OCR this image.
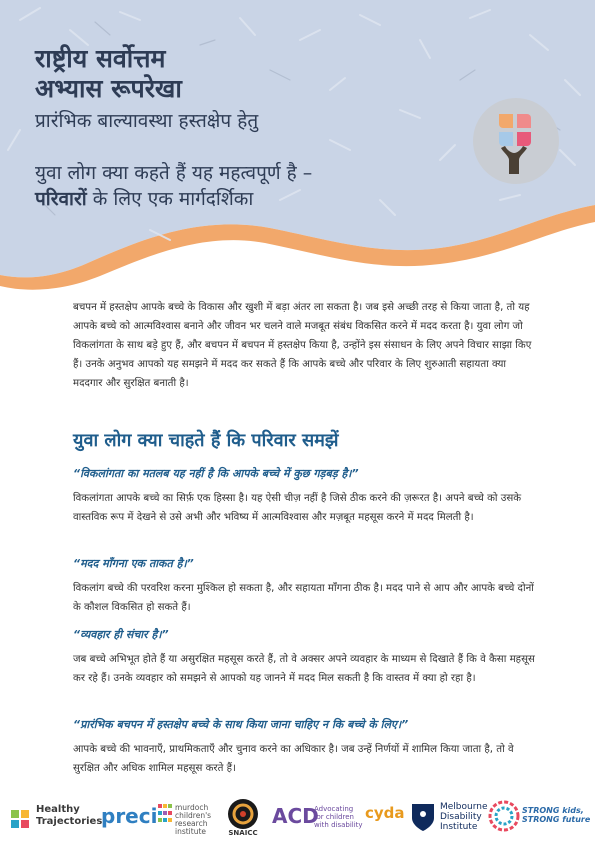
राष्ट्रीय सर्वोत्तम

अभ्यास रूपरेखा

प्रारंभिक बाल्यावस्था हस्तक्षेप हेतु

युवा लोग क्या कहते हैं यह महत्वपूर्ण है –
परिवारों के लिए एक मार्गदर्शिका
बचपन में हस्तक्षेप आपके बच्चे के विकास और खुशी में बड़ा अंतर ला सकता है। जब इसे अच्छी तरह से किया जाता है, तो यह आपके बच्चे को आत्मविश्वास बनाने और जीवन भर चलने वाले मजबूत संबंध विकसित करने में मदद करता है। युवा लोग जो विकलांगता के साथ बड़े हुए हैं, और बचपन में बचपन में हस्तक्षेप किया है, उन्होंने इस संसाधन के लिए अपने विचार साझा किए हैं। उनके अनुभव आपको यह समझने में मदद कर सकते हैं कि आपके बच्चे और परिवार के लिए शुरुआती सहायता क्या मददगार और सुरक्षित बनाती है।
युवा लोग क्या चाहते हैं कि परिवार समझें
“विकलांगता का मतलब यह नहीं है कि आपके बच्चे में कुछ गड़बड़ है।”
विकलांगता आपके बच्चे का सिर्फ़ एक हिस्सा है। यह ऐसी चीज़ नहीं है जिसे ठीक करने की ज़रूरत है। अपने बच्चे को उसके वास्तविक रूप में देखने से उसे अभी और भविष्य में आत्मविश्वास और मज़बूत महसूस करने में मदद मिलती है।
“मदद माँगना एक ताकत है।”
विकलांग बच्चे की परवरिश करना मुश्किल हो सकता है, और सहायता माँगना ठीक है। मदद पाने से आप और आपके बच्चे दोनों के कौशल विकसित हो सकते हैं।
“व्यवहार ही संचार है।”
जब बच्चे अभिभूत होते हैं या असुरक्षित महसूस करते हैं, तो वे अक्सर अपने व्यवहार के माध्यम से दिखाते हैं कि वे कैसा महसूस कर रहे हैं। उनके व्यवहार को समझने से आपको यह जानने में मदद मिल सकती है कि वास्तव में क्या हो रहा है।
“प्रारंभिक बचपन में हस्तक्षेप बच्चे के साथ किया जाना चाहिए न कि बच्चे के लिए।”
आपके बच्चे की भावनाएँ, प्राथमिकताएँ और चुनाव करने का अधिकार है। जब उन्हें निर्णयों में शामिल किया जाता है, तो वे सुरक्षित और अधिक शामिल महसूस करते हैं।
Healthy
Trajectories
preci murdoch
children's
research
institute	SNAICC
ACD
Advocating
for children
with disability
cyda	Melbourne
Disability
Institute
STRONG kids,
STRONG future
